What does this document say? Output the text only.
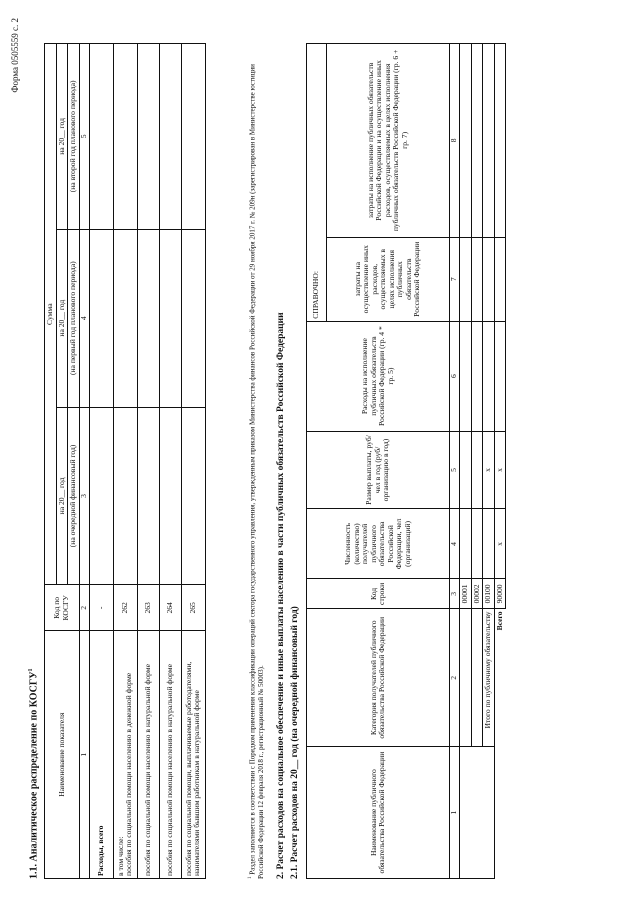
Форма 0505559 с. 2
1.1. Аналитическое распределение по КОСГУ$^1$
Наименование показателя	Код по КОСГУ	Сумма		
		на 20__ год	на 20__ год	на 20__ год
		(на очередной финансовый год)	(на первый год планового периода)	(на второй год планового периода)
1	2	3	4	5
Расходы, всего	-			
в том числе:
пособия по социальной помощи населению в денежной форме	262			
пособия по социальной помощи населению в натуральной форме	263			
пособия по социальной помощи населению в натуральной форме	264			
пособия по социальной помощи, выплачиваемые работодателями, нанимателями бывшим работникам в натуральной форме	265			
$^1$ Раздел заполняется в соответствии с Порядком применения классификации операций сектора государственного управления, утвержденным приказом Министерства финансов Российской Федерации от 29 ноября 2017 г. № 209н (зарегистрирован в Министерстве юстиции Российской Федерации 12 февраля 2018 г., регистрационный № 50003). 2. Расчет расходов на социальное обеспечение и иные выплаты населению в части публичных обязательств Российской Федерации 2.1. Расчет расходов на 20__ год (на очередной финансовый год)	Наименование публичного обязательства Российской Федерации	Категория получателей публичного обязательства Российской Федерации	Код строки	Численность (количество) получателей публичного обязательства Российской Федерации, чел (организаций)	Размер выплаты, руб/ чел в год (руб/ организацию в год)	Расходы на исполнение публичных обязательств Российской Федерации (гр. 4 * гр. 5)	СПРАВОЧНО:	
						затраты на осуществление иных расходов, осуществляемых в целях исполнения публичных обязательств Российской Федерации	затраты на исполнение публичных обязательств Российской Федерации и на осуществление иных расходов, осуществляемых в целях исполнения публичных обязательств Российской Федерации (гр. 6 + гр. 7)
1	2	3	4	5	6	7	8
		00001					
		00002					
	Итого по публичному обязательству	00100		х			
Всего		90000	х	х			
